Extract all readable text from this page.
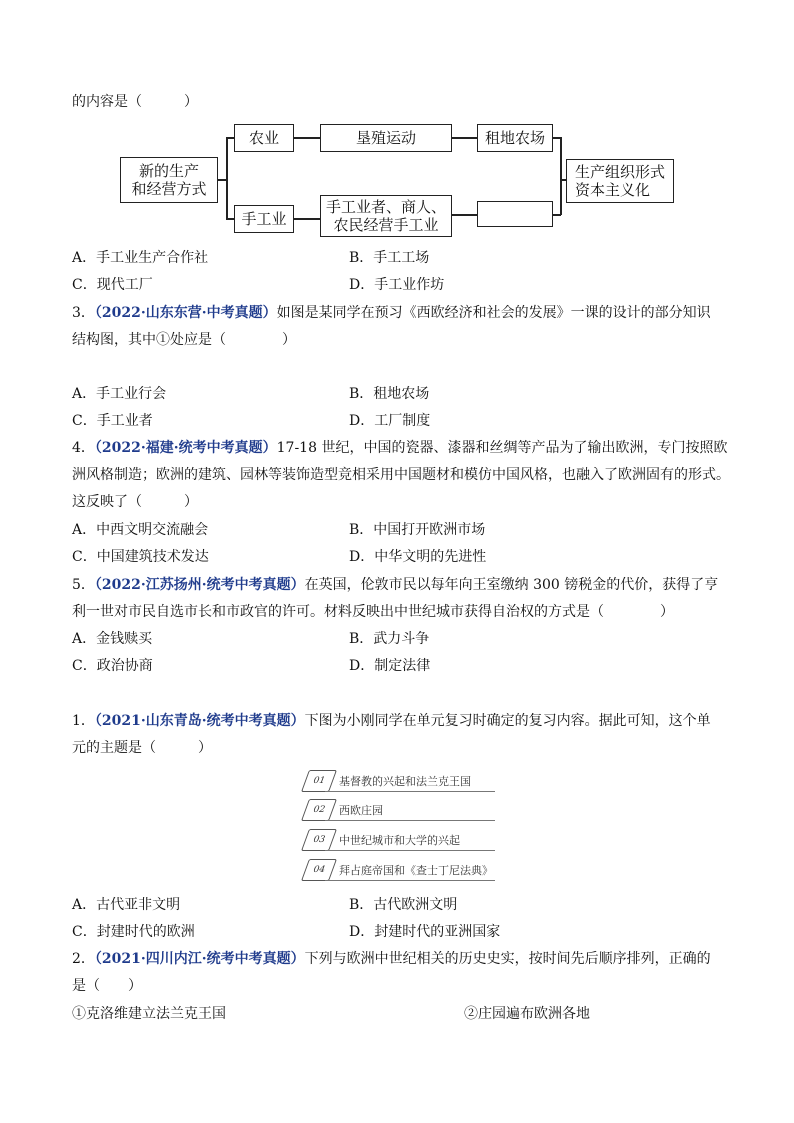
的内容是（　　　）
新的生产
和经营方式
农业	垦殖运动	租地农场
手工业
手工业者、商人、
农民经营手工业
生产组织形式
资本主义化
A．手工业生产合作社	B．手工工场
C．现代工厂	D．手工业作坊
3．（2022·山东东营·中考真题）如图是某同学在预习《西欧经济和社会的发展》一课的设计的部分知识
结构图，其中①处应是（　　　　）
A．手工业行会	B．租地农场
C．手工业者	D．工厂制度
4．（2022·福建·统考中考真题）17-18 世纪，中国的瓷器、漆器和丝绸等产品为了输出欧洲，专门按照欧
洲风格制造；欧洲的建筑、园林等装饰造型竞相采用中国题材和模仿中国风格，也融入了欧洲固有的形式。
这反映了（　　　）
A．中西文明交流融会	B．中国打开欧洲市场
C．中国建筑技术发达	D．中华文明的先进性
5．（2022·江苏扬州·统考中考真题）在英国，伦敦市民以每年向王室缴纳 300 镑税金的代价，获得了亨
利一世对市民自选市长和市政官的许可。材料反映出中世纪城市获得自治权的方式是（　　　　）
A．金钱赎买	B．武力斗争
C．政治协商	D．制定法律
1．（2021·山东青岛·统考中考真题）下图为小刚同学在单元复习时确定的复习内容。据此可知，这个单
元的主题是（　　　）
01	基督教的兴起和法兰克王国
02	西欧庄园
03	中世纪城市和大学的兴起
04	拜占庭帝国和《查士丁尼法典》
A．古代亚非文明	B．古代欧洲文明
C．封建时代的欧洲	D．封建时代的亚洲国家
2．（2021·四川内江·统考中考真题）下列与欧洲中世纪相关的历史史实，按时间先后顺序排列，正确的
是（　　）
①克洛维建立法兰克王国	②庄园遍布欧洲各地
